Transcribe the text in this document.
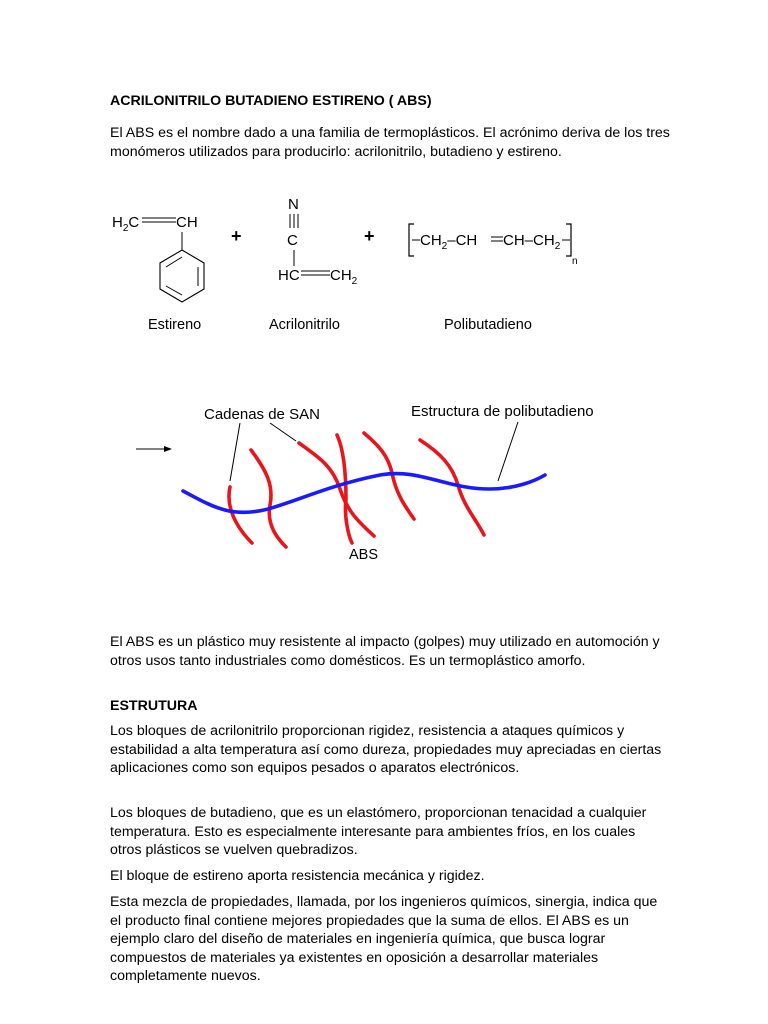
ACRILONITRILO BUTADIENO ESTIRENO ( ABS)

El ABS es el nombre dado a una familia de termoplásticos. El acrónimo deriva de los tres monómeros utilizados para producirlo: acrilonitrilo, butadieno y estireno.

$H_2C$ CH
+
N
C
HC $CH_2$
+	$CH_2-CH$ $CH-CH_2$
n
Estireno	Acrilonitrilo	Polibutadieno
Cadenas de SAN	Estructura de polibutadieno
ABS

El ABS es un plástico muy resistente al impacto (golpes) muy utilizado en automoción y otros usos tanto industriales como domésticos. Es un termoplástico amorfo.

ESTRUTURA

Los bloques de acrilonitrilo proporcionan rigidez, resistencia a ataques químicos y estabilidad a alta temperatura así como dureza, propiedades muy apreciadas en ciertas aplicaciones como son equipos pesados o aparatos electrónicos.

Los bloques de butadieno, que es un elastómero, proporcionan tenacidad a cualquier temperatura. Esto es especialmente interesante para ambientes fríos, en los cuales otros plásticos se vuelven quebradizos.

El bloque de estireno aporta resistencia mecánica y rigidez.

Esta mezcla de propiedades, llamada, por los ingenieros químicos, sinergia, indica que el producto final contiene mejores propiedades que la suma de ellos. El ABS es un ejemplo claro del diseño de materiales en ingeniería química, que busca lograr compuestos de materiales ya existentes en oposición a desarrollar materiales completamente nuevos.
